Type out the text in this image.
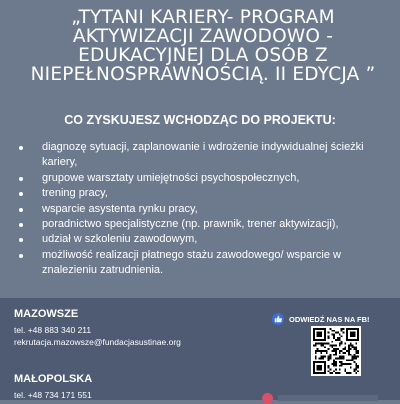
„TYTANI KARIERY- PROGRAM AKTYWIZACJI ZAWODOWO - EDUKACYJNEJ DLA OSÓB Z NIEPEŁNOSPRAWNOŚCIĄ. II EDYCJA ”
CO ZYSKUJESZ WCHODZĄC DO PROJEKTU:
diagnozę sytuacji, zaplanowanie i wdrożenie indywidualnej ścieżki kariery,
grupowe warsztaty umiejętności psychospołecznych,
trening pracy,
wsparcie asystenta rynku pracy,
poradnictwo specjalistyczne (np. prawnik, trener aktywizacji),
udział w szkoleniu zawodowym,
możliwość realizacji płatnego stażu zawodowego/ wsparcie w znalezieniu zatrudnienia.

MAZOWSZE

tel. +48 883 340 211

rekrutacja.mazowsze@fundacjasustinae.org

MAŁOPOLSKA

tel. +48 734 171 551

ODWIEDŹ NAS NA FB!
